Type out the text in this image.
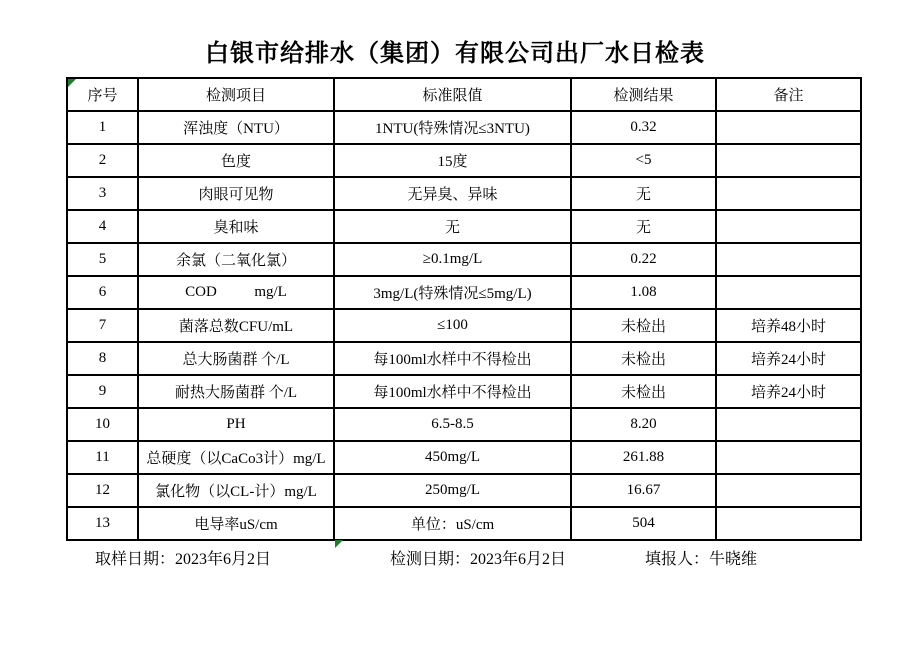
白银市给排水（集团）有限公司出厂水日检表
序号	检测项目	标准限值	检测结果	备注
1	浑浊度（NTU）	1NTU(特殊情况≤3NTU)	0.32	
2	色度	15度	<5	
3	肉眼可见物	无异臭、异味	无	
4	臭和味	无	无	
5	余氯（二氧化氯）	≥0.1mg/L	0.22	
6	COD          mg/L	3mg/L(特殊情况≤5mg/L)	1.08	
7	菌落总数CFU/mL	≤100	未检出	培养48小时
8	总大肠菌群 个/L	每100ml水样中不得检出	未检出	培养24小时
9	耐热大肠菌群 个/L	每100ml水样中不得检出	未检出	培养24小时
10	PH	6.5-8.5	8.20	
11	总硬度（以CaCo3计）mg/L	450mg/L	261.88	
12	氯化物（以CL-计）mg/L	250mg/L	16.67	
13	电导率uS/cm	单位：uS/cm	504	
取样日期：2023年6月2日	检测日期：2023年6月2日	填报人：牛晓维
